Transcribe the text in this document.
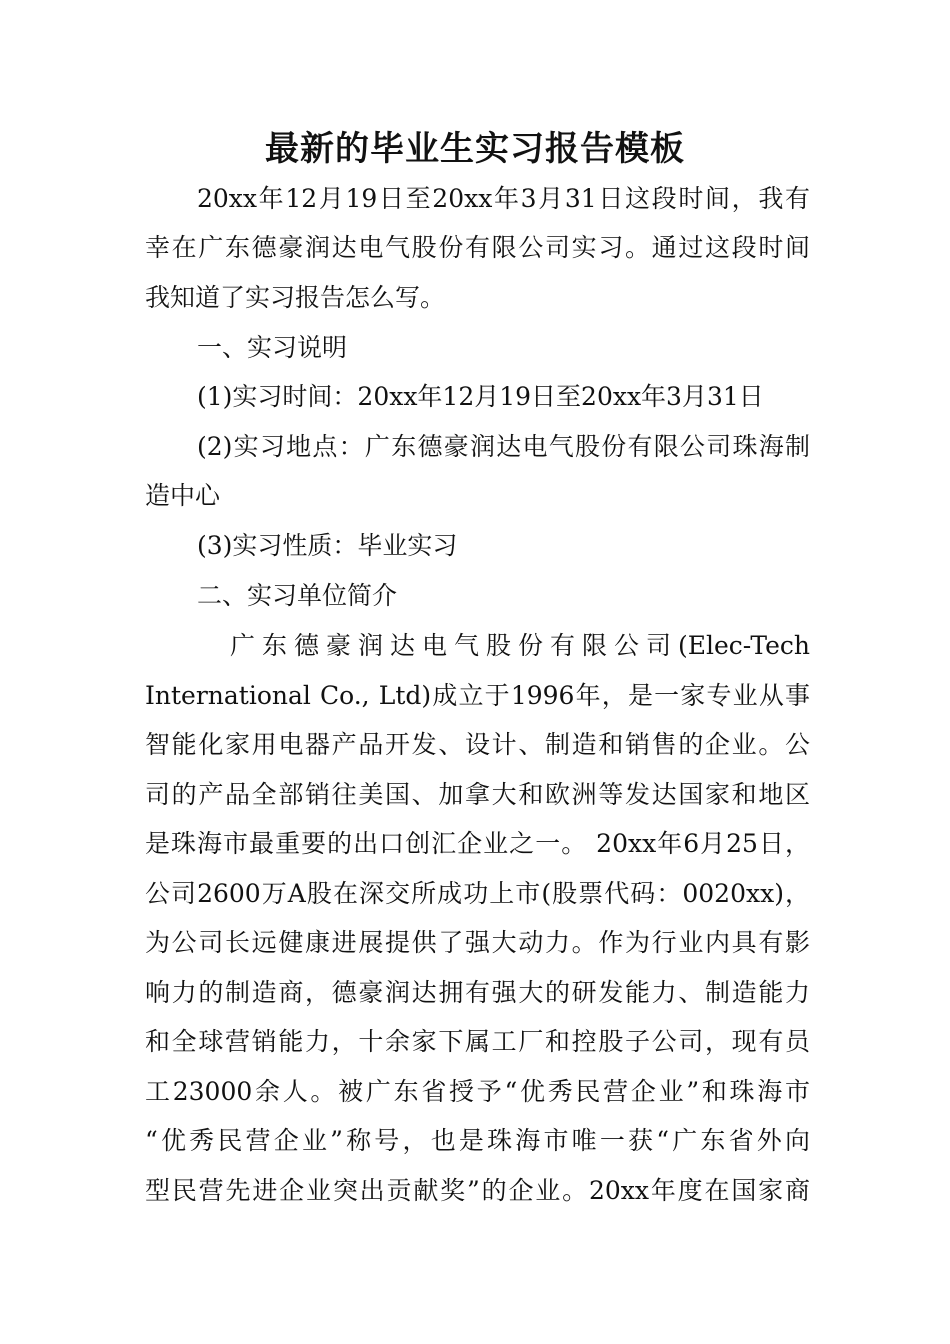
最新的毕业生实习报告模板
20xx年12月19日至20xx年3月31日这段时间，我有
幸在广东德豪润达电气股份有限公司实习。通过这段时间
我知道了实习报告怎么写。
一、实习说明
(1)实习时间：20xx年12月19日至20xx年3月31日
(2)实习地点：广东德豪润达电气股份有限公司珠海制
造中心
(3)实习性质：毕业实习
二、实习单位简介
广东德豪润达电气股份有限公司(Elec-Tech
International Co., Ltd)成立于1996年，是一家专业从事
智能化家用电器产品开发、设计、制造和销售的企业。公
司的产品全部销往美国、加拿大和欧洲等发达国家和地区
是珠海市最重要的出口创汇企业之一。 20xx年6月25日，
公司2600万A股在深交所成功上市(股票代码：0020xx)，
为公司长远健康进展提供了强大动力。作为行业内具有影
响力的制造商，德豪润达拥有强大的研发能力、制造能力
和全球营销能力，十余家下属工厂和控股子公司，现有员
工23000余人。被广东省授予“优秀民营企业”和珠海市
“优秀民营企业”称号，也是珠海市唯一获“广东省外向
型民营先进企业突出贡献奖”的企业。20xx年度在国家商
